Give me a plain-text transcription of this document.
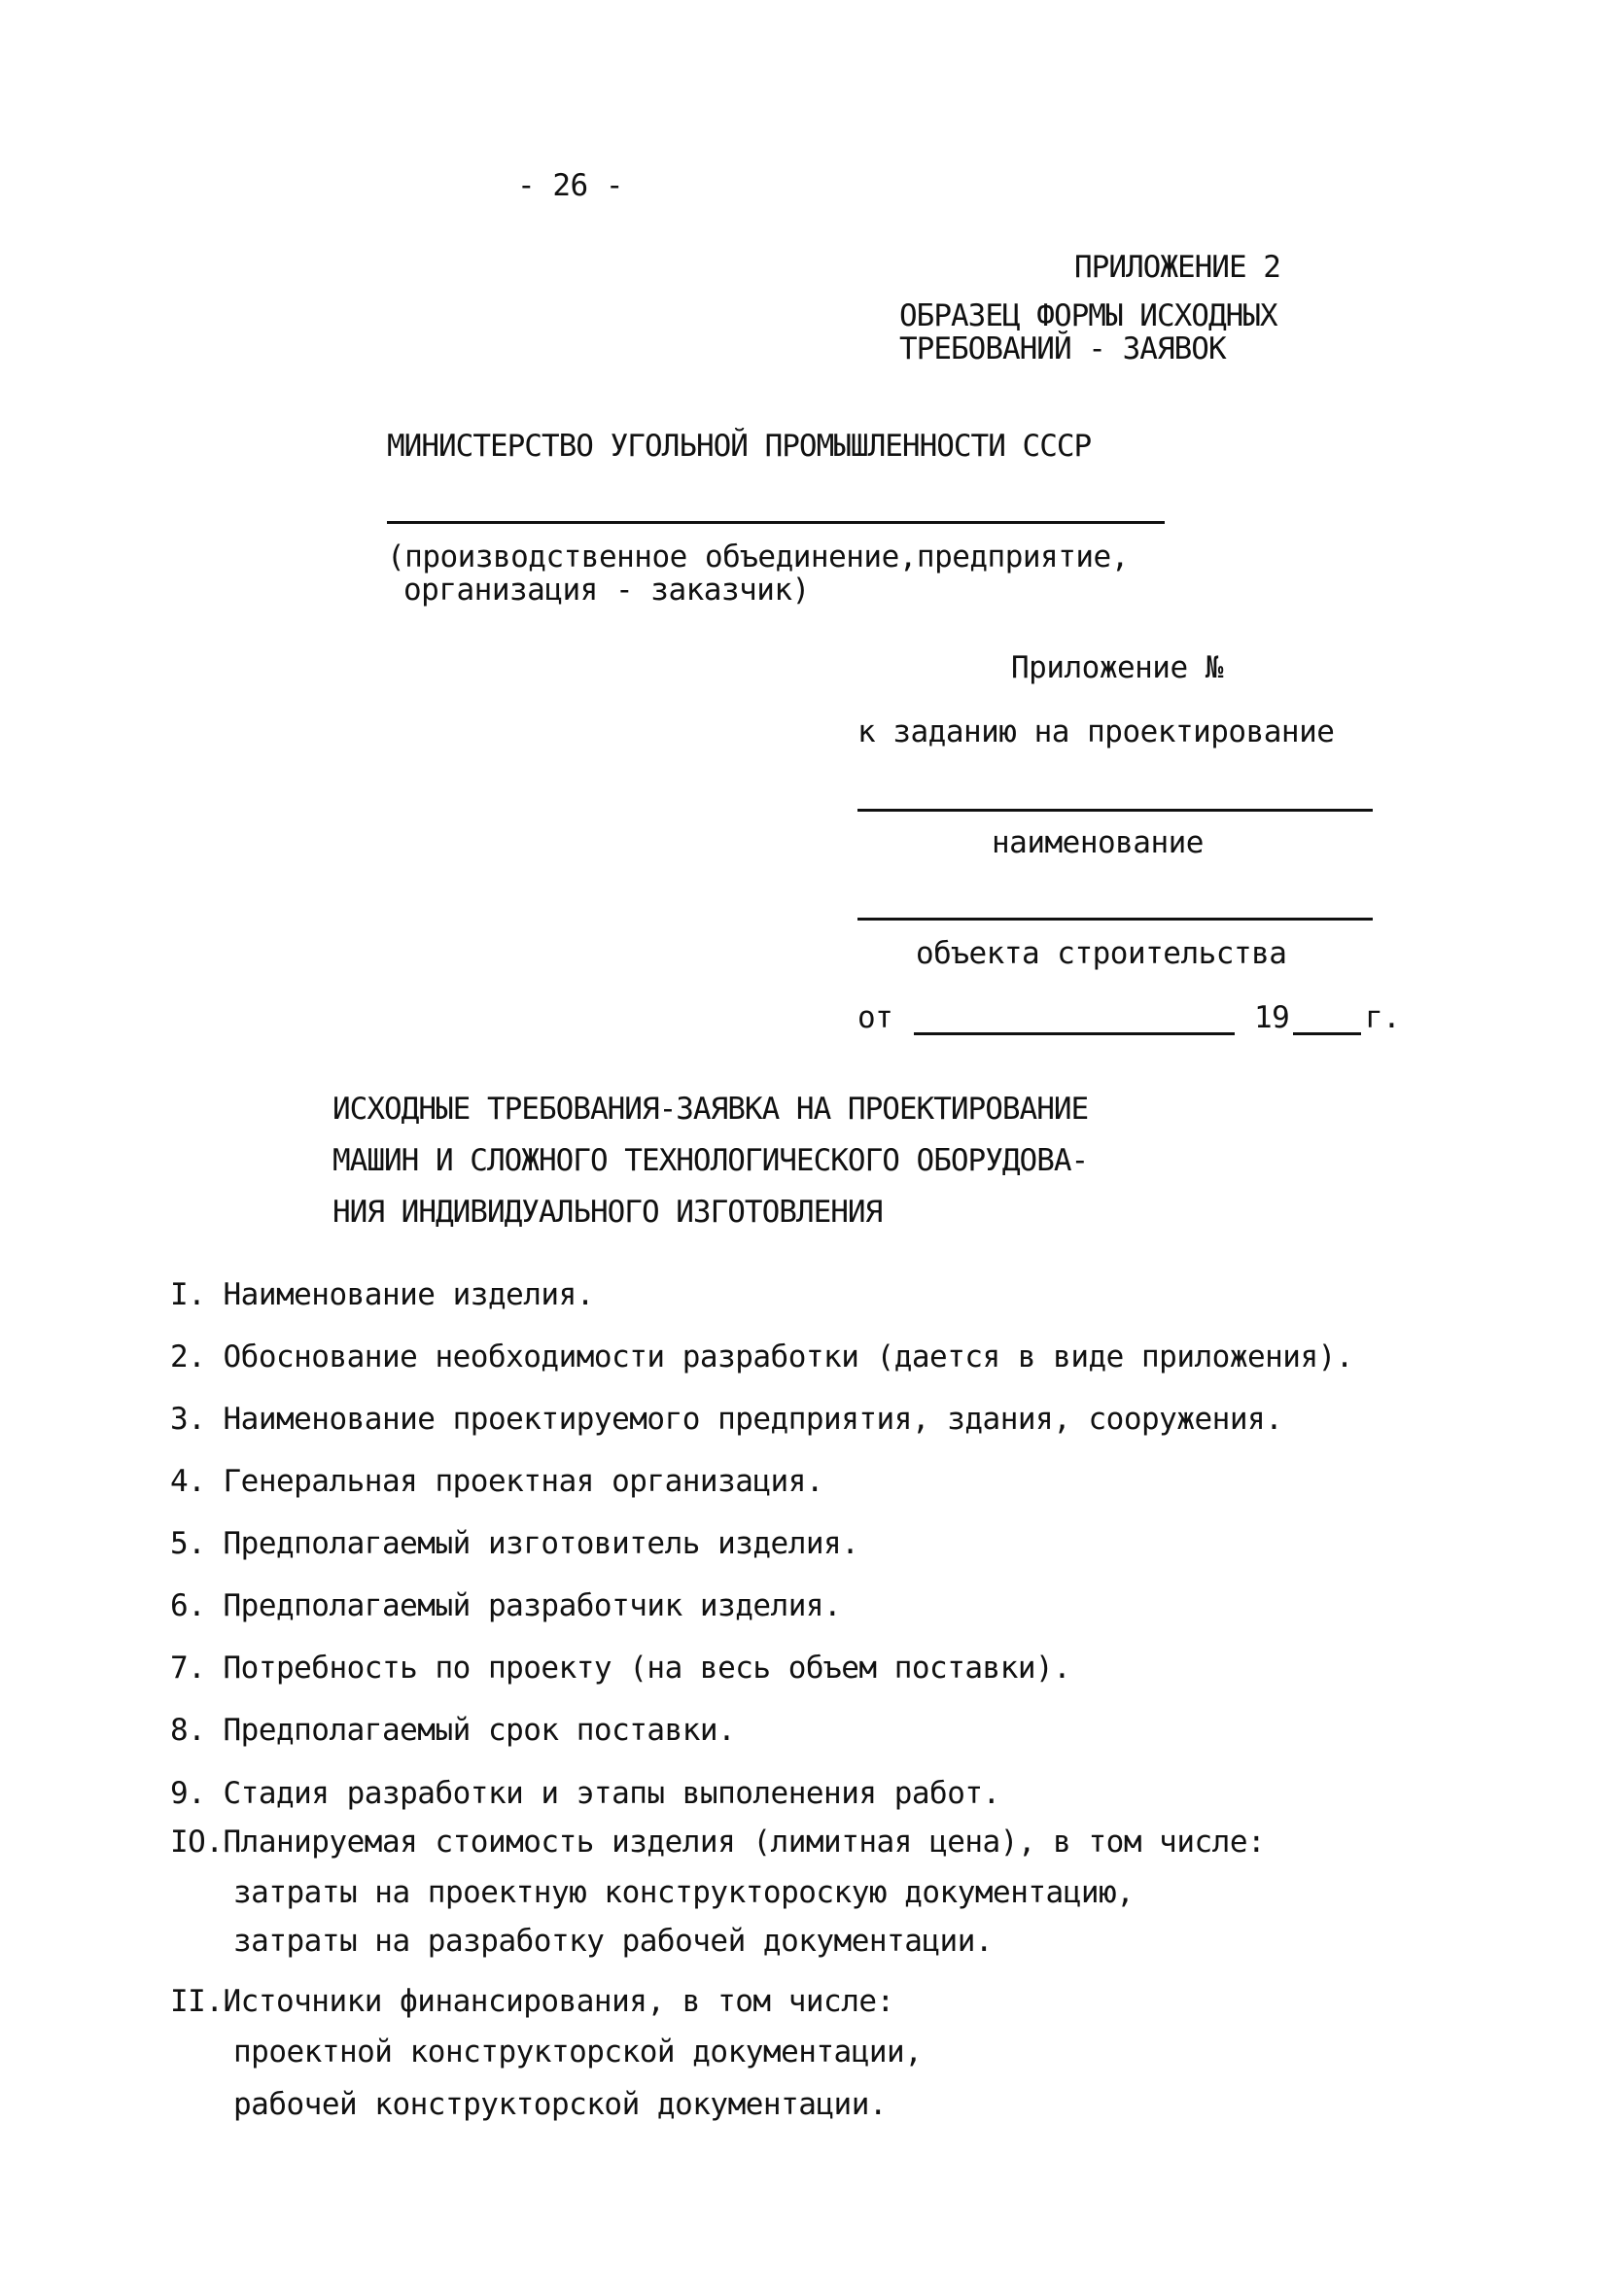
- 26 -
ПРИЛОЖЕНИЕ 2
ОБРАЗЕЦ ФОРМЫ ИСХОДНЫХ
ТРЕБОВАНИЙ - ЗАЯВОК
МИНИСТЕРСТВО УГОЛЬНОЙ ПРОМЫШЛЕННОСТИ СССР
(производственное объединение,предприятие,
организация - заказчик)
Приложение №
к заданию на проектирование
наименование
объекта строительства
от	19	г.
ИСХОДНЫЕ ТРЕБОВАНИЯ-ЗАЯВКА НА ПРОЕКТИРОВАНИЕ
МАШИН И СЛОЖНОГО ТЕХНОЛОГИЧЕСКОГО ОБОРУДОВА-
НИЯ ИНДИВИДУАЛЬНОГО ИЗГОТОВЛЕНИЯ
I. Наименование изделия.
2. Обоснование необходимости разработки (дается в виде приложения).
3. Наименование проектируемого предприятия, здания, сооружения.
4. Генеральная проектная организация.
5. Предполагаемый изготовитель изделия.
6. Предполагаемый разработчик изделия.
7. Потребность по проекту (на весь объем поставки).
8. Предполагаемый срок поставки.
9. Стадия разработки и этапы выполенения работ.
IO.Планируемая стоимость изделия (лимитная цена), в том числе:
затраты на проектную конструктороскую документацию,
затраты на разработку рабочей документации.
II.Источники финансирования, в том числе:
проектной конструкторской документации,
рабочей конструкторской документации.
